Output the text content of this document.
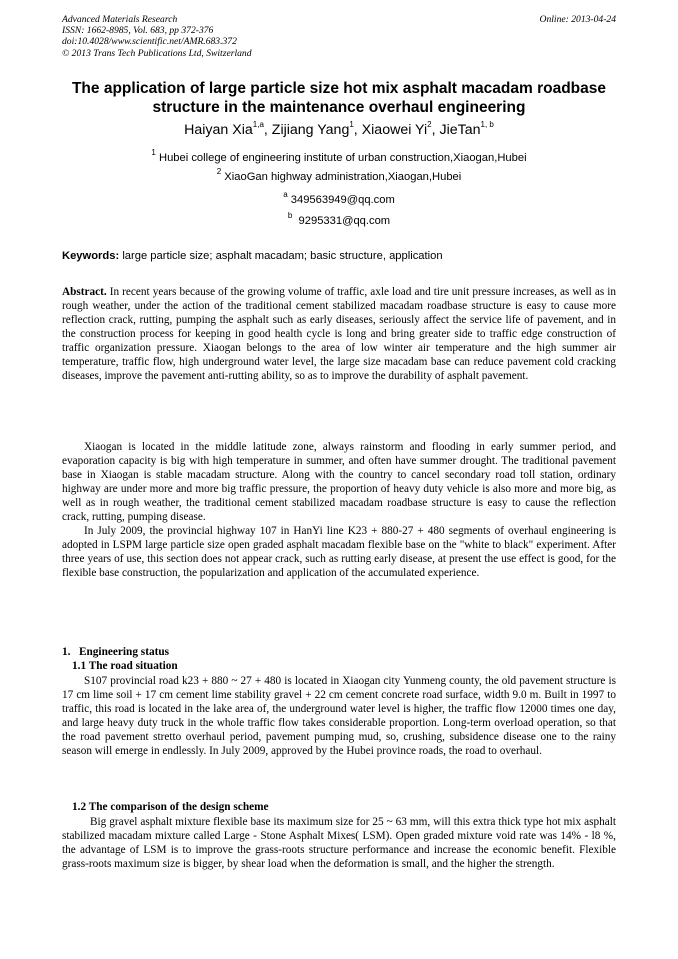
Advanced Materials Research
ISSN: 1662-8985, Vol. 683, pp 372-376
doi:10.4028/www.scientific.net/AMR.683.372
© 2013 Trans Tech Publications Ltd, Switzerland
Online: 2013-04-24
The application of large particle size hot mix asphalt macadam roadbase
structure in the maintenance overhaul engineering
Haiyan Xia$^{1,a}$, Zijiang Yang$^1$, Xiaowei Yi$^2$, JieTan$^{1, b}$
$^1$ Hubei college of engineering institute of urban construction,Xiaogan,Hubei
$^2$ XiaoGan highway administration,Xiaogan,Hubei
$^a$ 349563949@qq.com
$^b$ 9295331@qq.com
Keywords: large particle size; asphalt macadam; basic structure, application

Abstract. In recent years because of the growing volume of traffic, axle load and tire unit pressure increases, as well as in rough weather, under the action of the traditional cement stabilized macadam roadbase structure is easy to cause more reflection crack, rutting, pumping the asphalt such as early diseases, seriously affect the service life of pavement, and in the construction process for keeping in good health cycle is long and bring greater side to traffic edge construction of traffic organization pressure. Xiaogan belongs to the area of low winter air temperature and the high summer air temperature, traffic flow, high underground water level, the large size macadam base can reduce pavement cold cracking diseases, improve the pavement anti-rutting ability, so as to improve the durability of asphalt pavement.

Xiaogan is located in the middle latitude zone, always rainstorm and flooding in early summer period, and evaporation capacity is big with high temperature in summer, and often have summer drought. The traditional pavement base in Xiaogan is stable macadam structure. Along with the country to cancel secondary road toll station, ordinary highway are under more and more big traffic pressure, the proportion of heavy duty vehicle is also more and more big, as well as in rough weather, the traditional cement stabilized macadam roadbase structure is easy to cause the reflection crack, rutting, pumping disease.

In July 2009, the provincial highway 107 in HanYi line K23 + 880-27 + 480 segments of overhaul engineering is adopted in LSPM large particle size open graded asphalt macadam flexible base on the "white to black" experiment. After three years of use, this section does not appear crack, such as rutting early disease, at present the use effect is good, for the flexible base construction, the popularization and application of the accumulated experience.

1. Engineering status
1.1 The road situation

S107 provincial road k23 + 880 ~ 27 + 480 is located in Xiaogan city Yunmeng county, the old pavement structure is 17 cm lime soil + 17 cm cement lime stability gravel + 22 cm cement concrete road surface, width 9.0 m. Built in 1997 to traffic, this road is located in the lake area of, the underground water level is higher, the traffic flow 12000 times one day, and large heavy duty truck in the whole traffic flow takes considerable proportion. Long-term overload operation, so that the road pavement stretto overhaul period, pavement pumping mud, so, crushing, subsidence disease one to the rainy season will emerge in endlessly. In July 2009, approved by the Hubei province roads, the road to overhaul.

1.2 The comparison of the design scheme

Big gravel asphalt mixture flexible base its maximum size for 25 ~ 63 mm, will this extra thick type hot mix asphalt stabilized macadam mixture called Large - Stone Asphalt Mixes( LSM). Open graded mixture void rate was 14% - l8 %, the advantage of LSM is to improve the grass-roots structure performance and increase the economic benefit. Flexible grass-roots maximum size is bigger, by shear load when the deformation is small, and the higher the strength.
